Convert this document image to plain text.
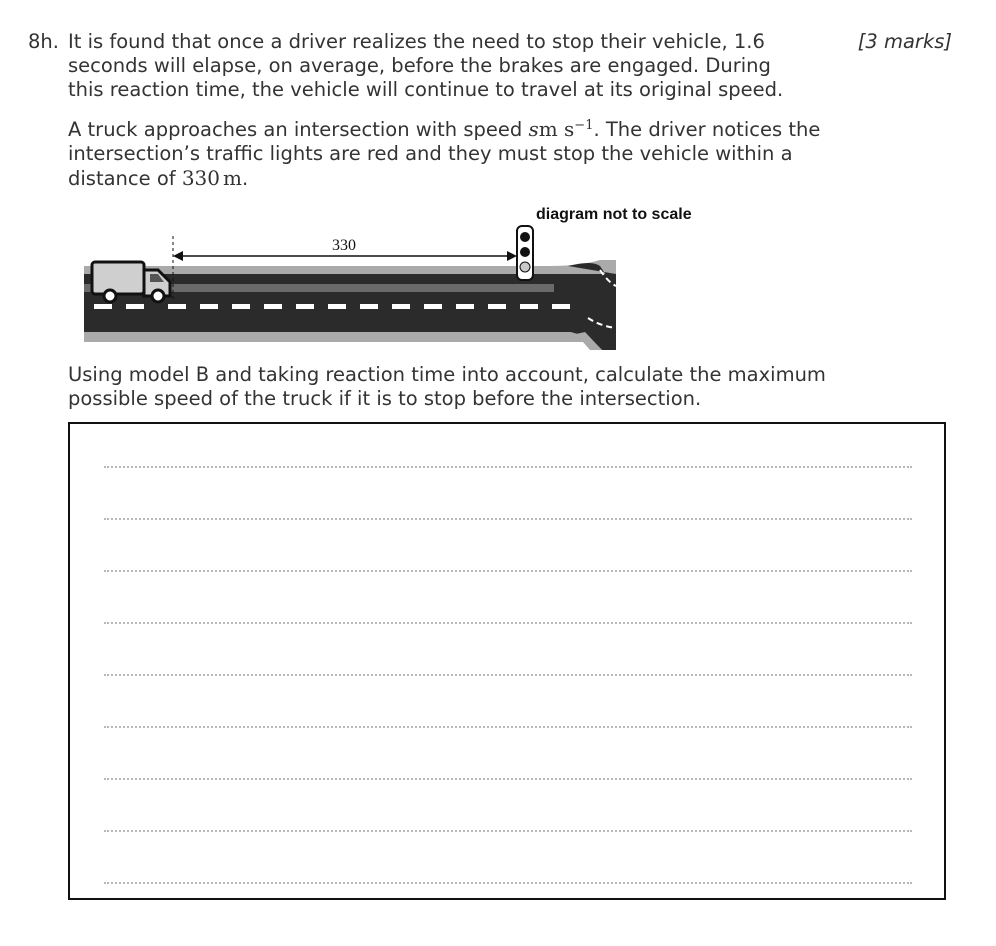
8h.	[3 marks]

It is found that once a driver realizes the need to stop their vehicle, 1.6
seconds will elapse, on average, before the brakes are engaged. During
this reaction time, the vehicle will continue to travel at its original speed.

A truck approaches an intersection with speed sm $s^{-1}$. The driver notices the
intersection’s traffic lights are red and they must stop the vehicle within a
distance of 330 m.

330
diagram not to scale

Using model B and taking reaction time into account, calculate the maximum
possible speed of the truck if it is to stop before the intersection.
